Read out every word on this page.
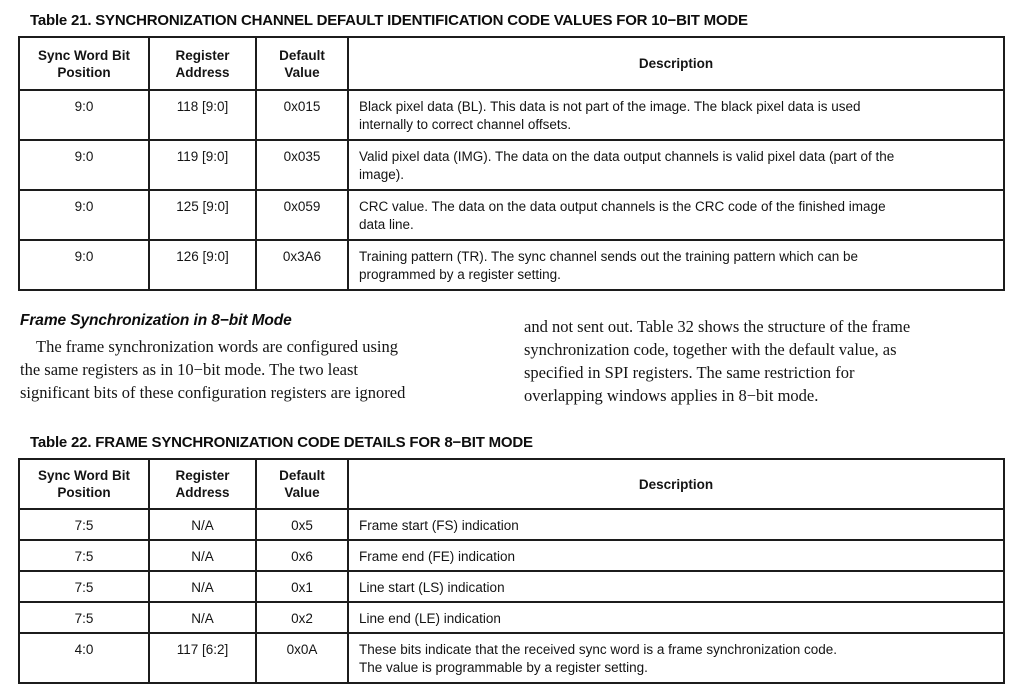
Table 21. SYNCHRONIZATION CHANNEL DEFAULT IDENTIFICATION CODE VALUES FOR 10−BIT MODE
Sync Word Bit Position	Register Address	Default Value	Description
9:0	118 [9:0]	0x015	Black pixel data (BL). This data is not part of the image. The black pixel data is used
internally to correct channel offsets.
9:0	119 [9:0]	0x035	Valid pixel data (IMG). The data on the data output channels is valid pixel data (part of the
image).
9:0	125 [9:0]	0x059	CRC value. The data on the data output channels is the CRC code of the finished image
data line.
9:0	126 [9:0]	0x3A6	Training pattern (TR). The sync channel sends out the training pattern which can be
programmed by a register setting.
Frame Synchronization in 8−bit Mode
The frame synchronization words are configured using
the same registers as in 10−bit mode. The two least
significant bits of these configuration registers are ignored
and not sent out. Table 32 shows the structure of the frame
synchronization code, together with the default value, as
specified in SPI registers. The same restriction for
overlapping windows applies in 8−bit mode.
Table 22. FRAME SYNCHRONIZATION CODE DETAILS FOR 8−BIT MODE
Sync Word Bit Position	Register Address	Default Value	Description
7:5	N/A	0x5	Frame start (FS) indication
7:5	N/A	0x6	Frame end (FE) indication
7:5	N/A	0x1	Line start (LS) indication
7:5	N/A	0x2	Line end (LE) indication
4:0	117 [6:2]	0x0A	These bits indicate that the received sync word is a frame synchronization code.
The value is programmable by a register setting.
